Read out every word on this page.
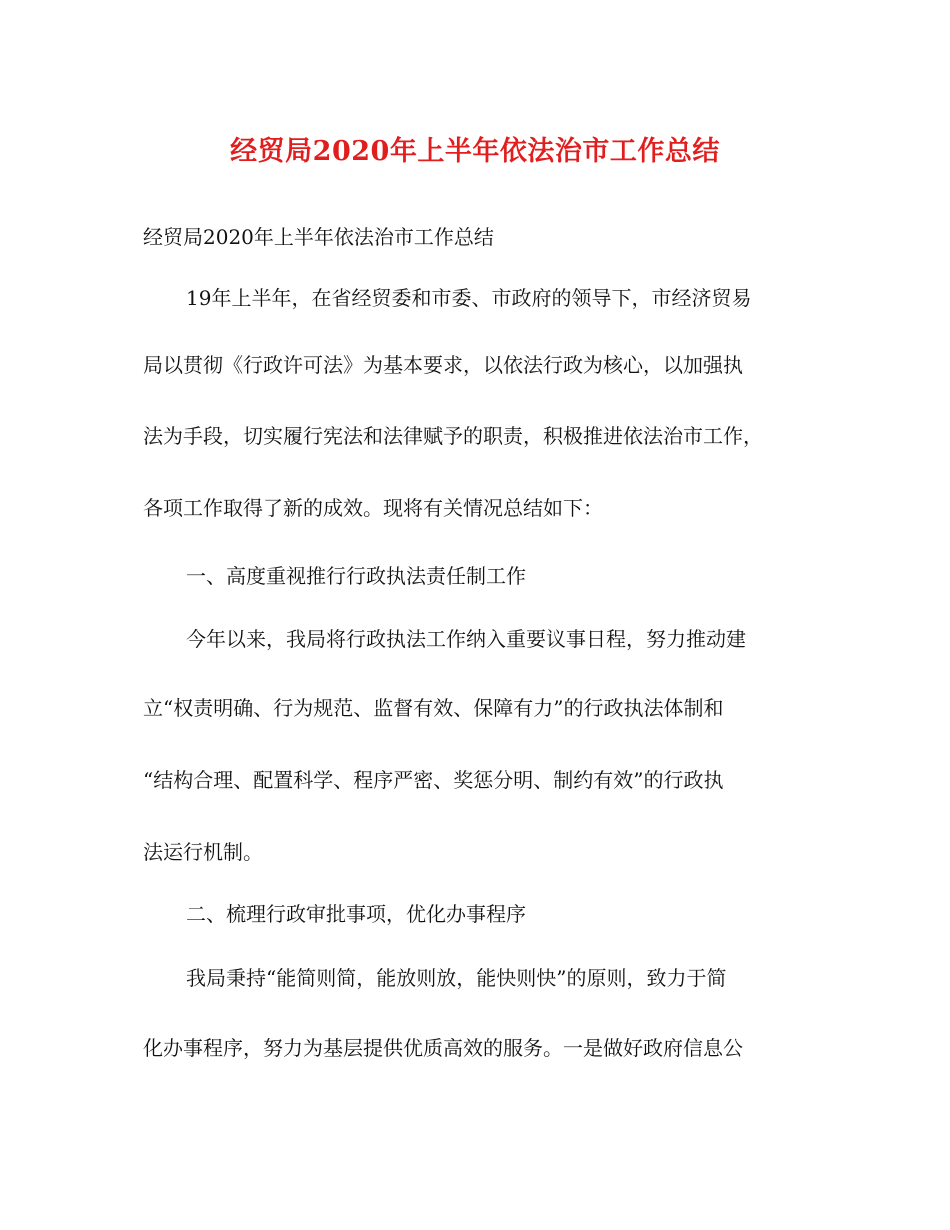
经贸局2020年上半年依法治市工作总结
经贸局2020年上半年依法治市工作总结
19年上半年，在省经贸委和市委、市政府的领导下，市经济贸易
局以贯彻《行政许可法》为基本要求，以依法行政为核心，以加强执
法为手段，切实履行宪法和法律赋予的职责，积极推进依法治市工作，
各项工作取得了新的成效。现将有关情况总结如下：
一、高度重视推行行政执法责任制工作
今年以来，我局将行政执法工作纳入重要议事日程，努力推动建
立“权责明确、行为规范、监督有效、保障有力”的行政执法体制和
“结构合理、配置科学、程序严密、奖惩分明、制约有效”的行政执
法运行机制。
二、梳理行政审批事项，优化办事程序
我局秉持“能简则简，能放则放，能快则快”的原则，致力于简
化办事程序，努力为基层提供优质高效的服务。一是做好政府信息公
